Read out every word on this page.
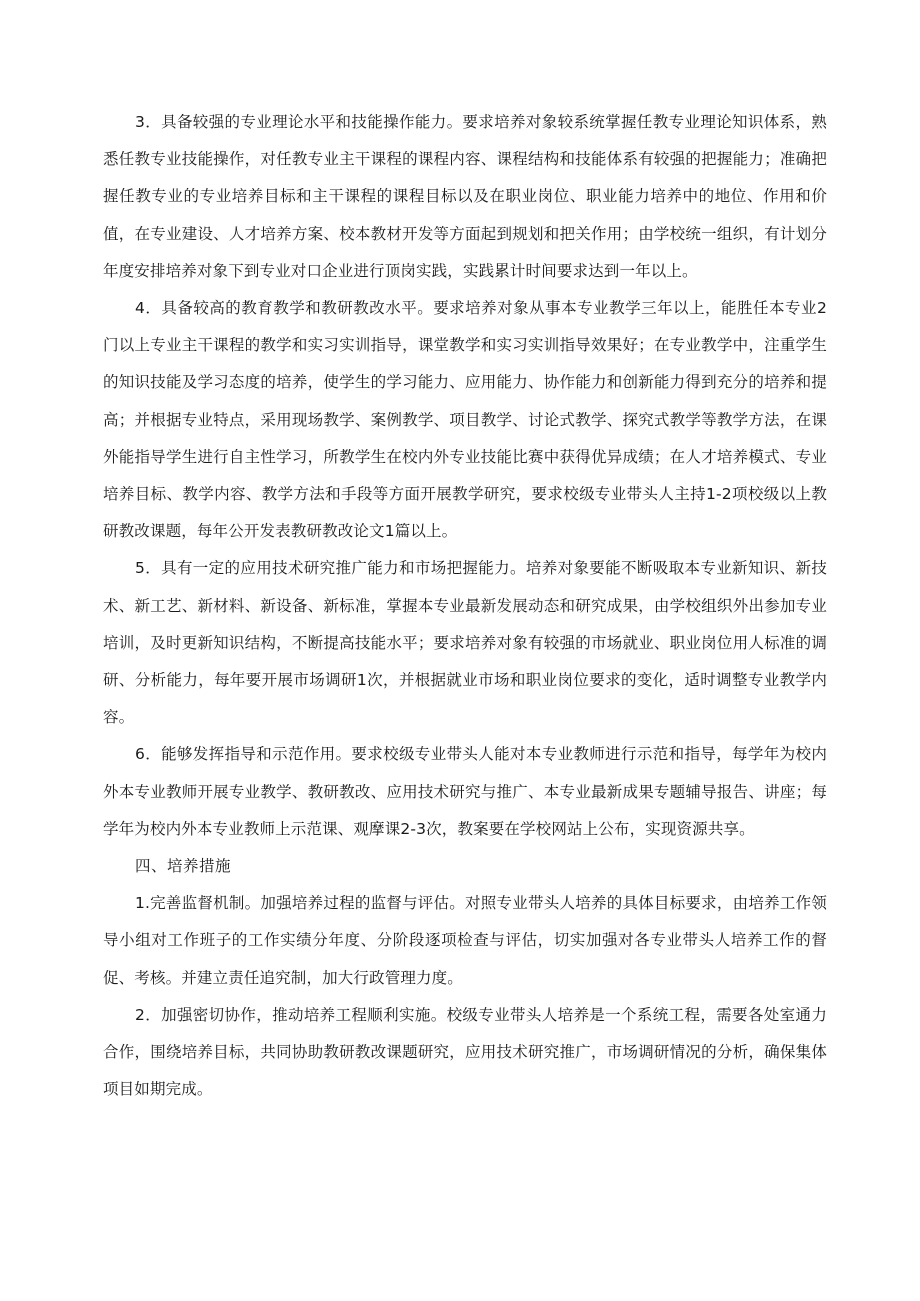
3．具备较强的专业理论水平和技能操作能力。要求培养对象较系统掌握任教专业理论知识体系，熟悉任教专业技能操作，对任教专业主干课程的课程内容、课程结构和技能体系有较强的把握能力；准确把握任教专业的专业培养目标和主干课程的课程目标以及在职业岗位、职业能力培养中的地位、作用和价值，在专业建设、人才培养方案、校本教材开发等方面起到规划和把关作用；由学校统一组织，有计划分年度安排培养对象下到专业对口企业进行顶岗实践，实践累计时间要求达到一年以上。

4．具备较高的教育教学和教研教改水平。要求培养对象从事本专业教学三年以上，能胜任本专业2门以上专业主干课程的教学和实习实训指导，课堂教学和实习实训指导效果好；在专业教学中，注重学生的知识技能及学习态度的培养，使学生的学习能力、应用能力、协作能力和创新能力得到充分的培养和提高；并根据专业特点，采用现场教学、案例教学、项目教学、讨论式教学、探究式教学等教学方法，在课外能指导学生进行自主性学习，所教学生在校内外专业技能比赛中获得优异成绩；在人才培养模式、专业培养目标、教学内容、教学方法和手段等方面开展教学研究，要求校级专业带头人主持1-2项校级以上教研教改课题，每年公开发表教研教改论文1篇以上。

5．具有一定的应用技术研究推广能力和市场把握能力。培养对象要能不断吸取本专业新知识、新技术、新工艺、新材料、新设备、新标准，掌握本专业最新发展动态和研究成果，由学校组织外出参加专业培训，及时更新知识结构，不断提高技能水平；要求培养对象有较强的市场就业、职业岗位用人标准的调研、分析能力，每年要开展市场调研1次，并根据就业市场和职业岗位要求的变化，适时调整专业教学内容。

6．能够发挥指导和示范作用。要求校级专业带头人能对本专业教师进行示范和指导，每学年为校内外本专业教师开展专业教学、教研教改、应用技术研究与推广、本专业最新成果专题辅导报告、讲座；每学年为校内外本专业教师上示范课、观摩课2-3次，教案要在学校网站上公布，实现资源共享。

四、培养措施

1.完善监督机制。加强培养过程的监督与评估。对照专业带头人培养的具体目标要求，由培养工作领导小组对工作班子的工作实绩分年度、分阶段逐项检查与评估，切实加强对各专业带头人培养工作的督促、考核。并建立责任追究制，加大行政管理力度。

2．加强密切协作，推动培养工程顺利实施。校级专业带头人培养是一个系统工程，需要各处室通力合作，围绕培养目标，共同协助教研教改课题研究，应用技术研究推广，市场调研情况的分析，确保集体项目如期完成。
